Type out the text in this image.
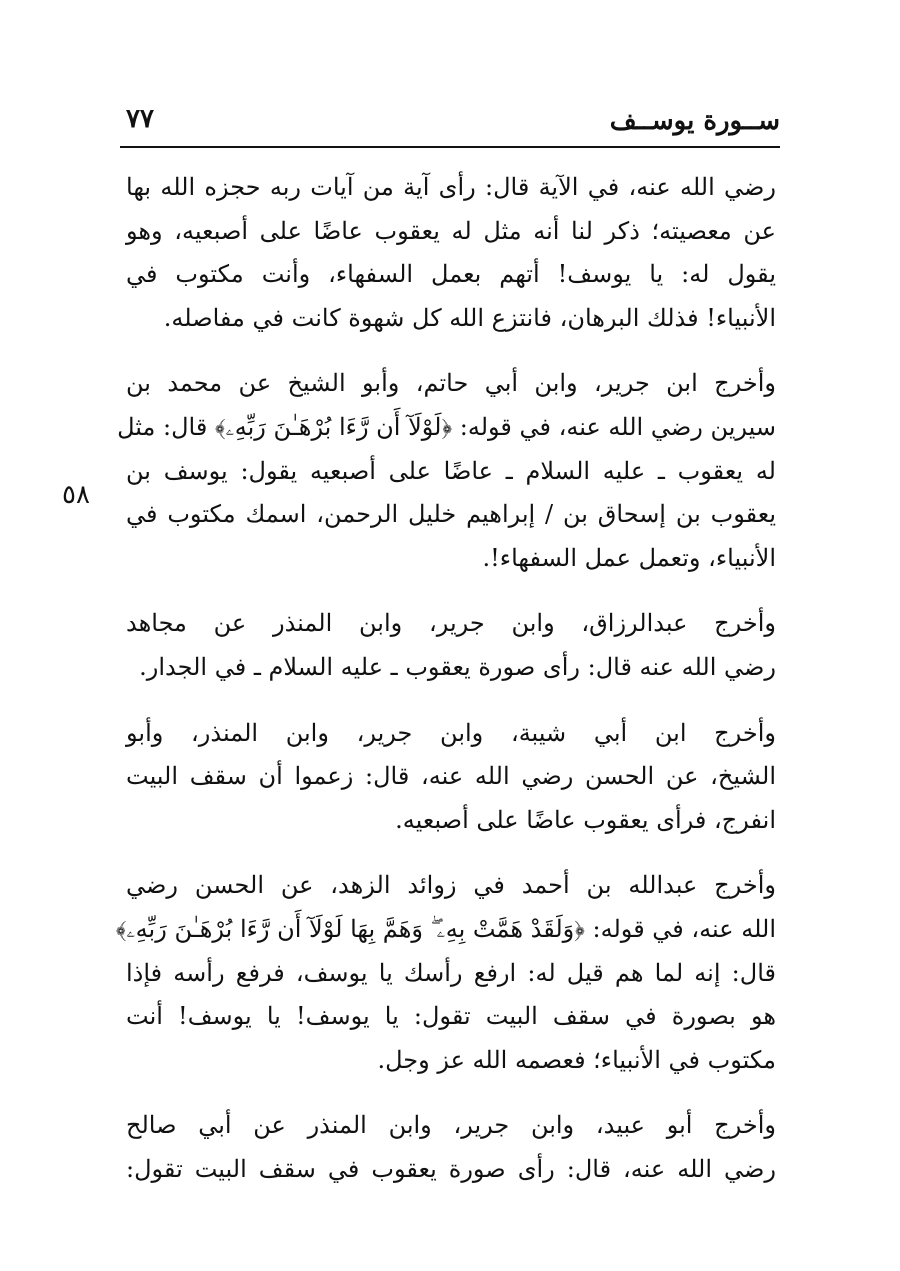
٧٧	ســورة يوســف
٥٨
رضي الله عنه، في الآية قال: رأى آية من آيات ربه حجزه الله بها
عن معصيته؛ ذكر لنا أنه مثل له يعقوب عاضًا على أصبعيه، وهو
يقول له: يا يوسف! أتهم بعمل السفهاء، وأنت مكتوب في
الأنبياء! فذلك البرهان، فانتزع الله كل شهوة كانت في مفاصله.
وأخرج ابن جرير، وابن أبي حاتم، وأبو الشيخ عن محمد بن
سيرين رضي الله عنه، في قوله: ﴿لَوْلَآ أَن رَّءَا بُرْهَـٰنَ رَبِّهِۦ﴾ قال: مثل
له يعقوب ـ عليه السلام ـ عاضًا على أصبعيه يقول: يوسف بن
يعقوب بن إسحاق بن / إبراهيم خليل الرحمن، اسمك مكتوب في
الأنبياء، وتعمل عمل السفهاء!.
وأخرج عبدالرزاق، وابن جرير، وابن المنذر عن مجاهد
رضي الله عنه قال: رأى صورة يعقوب ـ عليه السلام ـ في الجدار.
وأخرج ابن أبي شيبة، وابن جرير، وابن المنذر، وأبو
الشيخ، عن الحسن رضي الله عنه، قال: زعموا أن سقف البيت
انفرج، فرأى يعقوب عاضًا على أصبعيه.
وأخرج عبدالله بن أحمد في زوائد الزهد، عن الحسن رضي
الله عنه، في قوله: ﴿وَلَقَدْ هَمَّتْ بِهِۦ ۖ وَهَمَّ بِهَا لَوْلَآ أَن رَّءَا بُرْهَـٰنَ رَبِّهِۦ﴾
قال: إنه لما هم قيل له: ارفع رأسك يا يوسف، فرفع رأسه فإذا
هو بصورة في سقف البيت تقول: يا يوسف! يا يوسف! أنت
مكتوب في الأنبياء؛ فعصمه الله عز وجل.
وأخرج أبو عبيد، وابن جرير، وابن المنذر عن أبي صالح
رضي الله عنه، قال: رأى صورة يعقوب في سقف البيت تقول:
